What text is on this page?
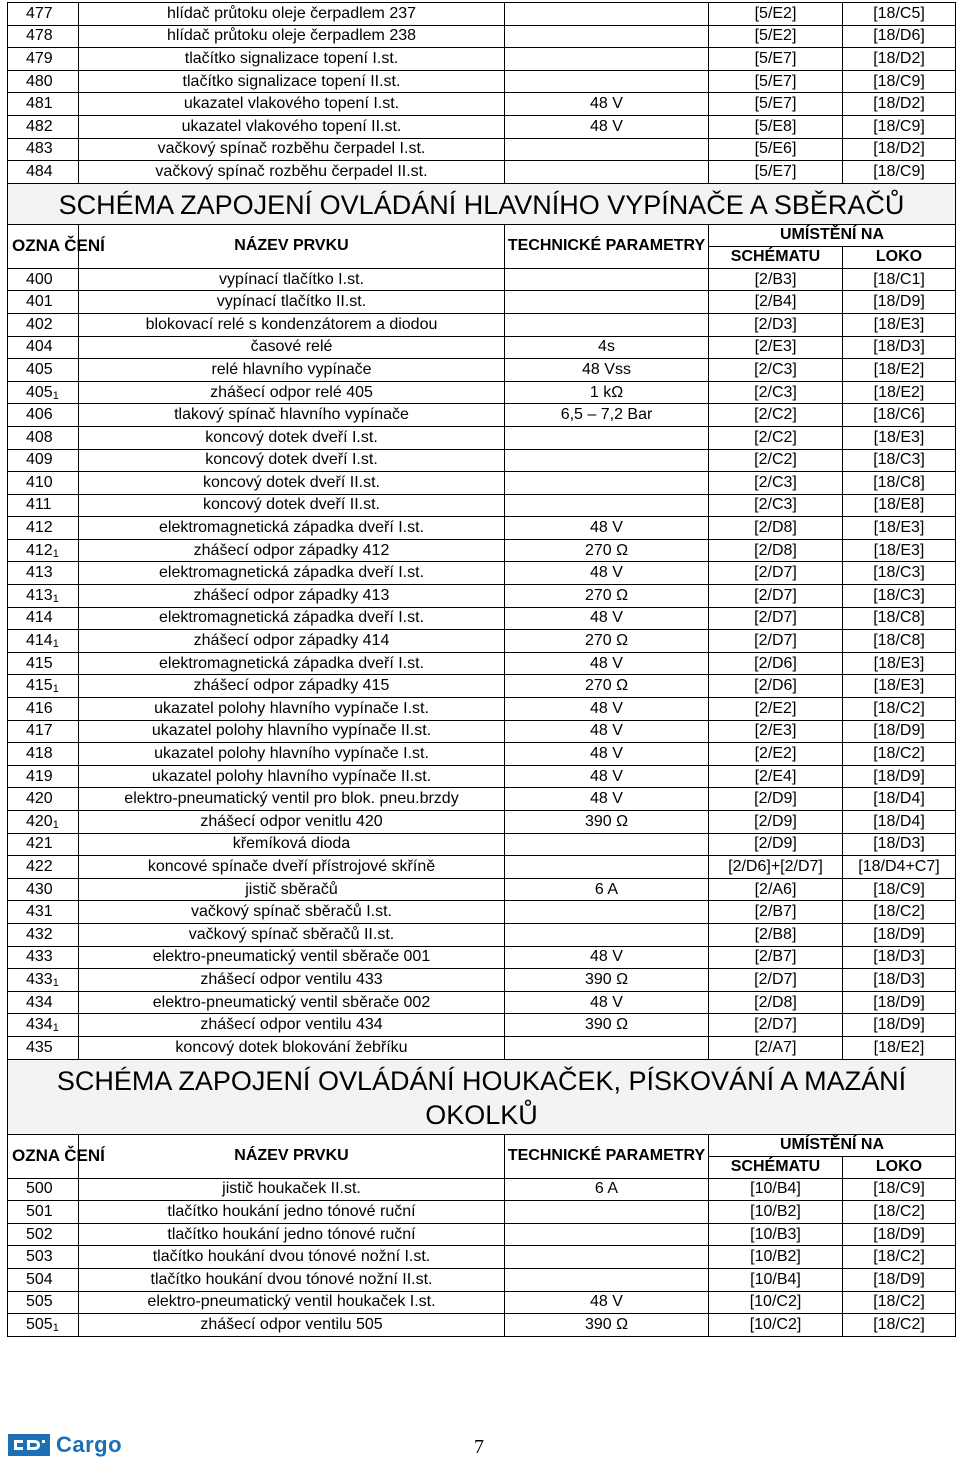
477	hlídač průtoku oleje čerpadlem 237		[5/E2]	[18/C5]
478	hlídač průtoku oleje čerpadlem 238		[5/E2]	[18/D6]
479	tlačítko signalizace topení I.st.		[5/E7]	[18/D2]
480	tlačítko signalizace topení II.st.		[5/E7]	[18/C9]
481	ukazatel vlakového topení I.st.	48 V	[5/E7]	[18/D2]
482	ukazatel vlakového topení II.st.	48 V	[5/E8]	[18/C9]
483	vačkový spínač rozběhu čerpadel I.st.		[5/E6]	[18/D2]
484	vačkový spínač rozběhu čerpadel II.st.		[5/E7]	[18/C9]
SCHÉMA ZAPOJENÍ OVLÁDÁNÍ HLAVNÍHO VYPÍNAČE A SBĚRAČŮ				
OZNA ČENÍ	NÁZEV PRVKU	TECHNICKÉ PARAMETRY	UMÍSTĚNÍ NA	
			SCHÉMATU	LOKO
400	vypínací tlačítko I.st.		[2/B3]	[18/C1]
401	vypínací tlačítko II.st.		[2/B4]	[18/D9]
402	blokovací relé s kondenzátorem a diodou		[2/D3]	[18/E3]
404	časové relé	4s	[2/E3]	[18/D3]
405	relé hlavního vypínače	48 Vss	[2/C3]	[18/E2]
$405_1$	zhášecí odpor relé 405	1 kΩ	[2/C3]	[18/E2]
406	tlakový spínač hlavního vypínače	6,5 – 7,2 Bar	[2/C2]	[18/C6]
408	koncový dotek dveří I.st.		[2/C2]	[18/E3]
409	koncový dotek dveří I.st.		[2/C2]	[18/C3]
410	koncový dotek dveří II.st.		[2/C3]	[18/C8]
411	koncový dotek dveří II.st.		[2/C3]	[18/E8]
412	elektromagnetická západka dveří I.st.	48 V	[2/D8]	[18/E3]
$412_1$	zhášecí odpor západky 412	270 Ω	[2/D8]	[18/E3]
413	elektromagnetická západka dveří I.st.	48 V	[2/D7]	[18/C3]
$413_1$	zhášecí odpor západky 413	270 Ω	[2/D7]	[18/C3]
414	elektromagnetická západka dveří I.st.	48 V	[2/D7]	[18/C8]
$414_1$	zhášecí odpor západky 414	270 Ω	[2/D7]	[18/C8]
415	elektromagnetická západka dveří I.st.	48 V	[2/D6]	[18/E3]
$415_1$	zhášecí odpor západky 415	270 Ω	[2/D6]	[18/E3]
416	ukazatel polohy hlavního vypínače I.st.	48 V	[2/E2]	[18/C2]
417	ukazatel polohy hlavního vypínače II.st.	48 V	[2/E3]	[18/D9]
418	ukazatel polohy hlavního vypínače I.st.	48 V	[2/E2]	[18/C2]
419	ukazatel polohy hlavního vypínače II.st.	48 V	[2/E4]	[18/D9]
420	elektro-pneumatický ventil pro blok. pneu.brzdy	48 V	[2/D9]	[18/D4]
$420_1$	zhášecí odpor venitlu 420	390 Ω	[2/D9]	[18/D4]
421	křemíková dioda		[2/D9]	[18/D3]
422	koncové spínače dveří přístrojové skříně		[2/D6]+[2/D7]	[18/D4+C7]
430	jistič sběračů	6 A	[2/A6]	[18/C9]
431	vačkový spínač sběračů I.st.		[2/B7]	[18/C2]
432	vačkový spínač sběračů II.st.		[2/B8]	[18/D9]
433	elektro-pneumatický ventil sběrače 001	48 V	[2/B7]	[18/D3]
$433_1$	zhášecí odpor ventilu 433	390 Ω	[2/D7]	[18/D3]
434	elektro-pneumatický ventil sběrače 002	48 V	[2/D8]	[18/D9]
$434_1$	zhášecí odpor ventilu 434	390 Ω	[2/D7]	[18/D9]
435	koncový dotek blokování žebříku		[2/A7]	[18/E2]
SCHÉMA ZAPOJENÍ OVLÁDÁNÍ HOUKAČEK, PÍSKOVÁNÍ A MAZÁNÍ OKOLKŮ				
OZNA ČENÍ	NÁZEV PRVKU	TECHNICKÉ PARAMETRY	UMÍSTĚNÍ NA	
			SCHÉMATU	LOKO
500	jistič houkaček II.st.	6 A	[10/B4]	[18/C9]
501	tlačítko houkání jedno tónové ruční		[10/B2]	[18/C2]
502	tlačítko houkání jedno tónové ruční		[10/B3]	[18/D9]
503	tlačítko houkání dvou tónové nožní I.st.		[10/B2]	[18/C2]
504	tlačítko houkání dvou tónové nožní II.st.		[10/B4]	[18/D9]
505	elektro-pneumatický ventil houkaček I.st.	48 V	[10/C2]	[18/C2]
$505_1$	zhášecí odpor ventilu 505	390 Ω	[10/C2]	[18/C2]
Cargo	7
